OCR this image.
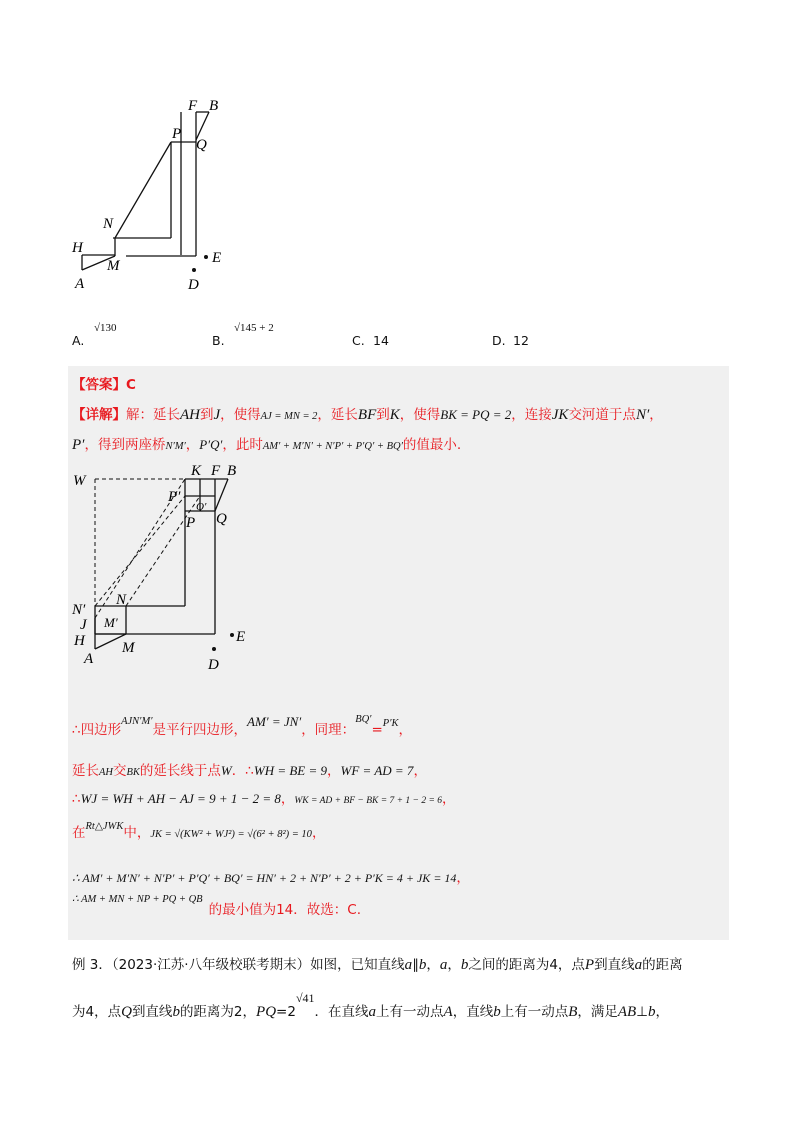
F B
P
Q
N
H
M
A
E
D
A.
√130
B.
√145 + 2
C. 14	D. 12
【答案】C
【详解】解：延长AH到J，使得AJ = MN = 2，延长BF到K，使得BK = PQ = 2，连接JK交河道于点N′，
P′，得到两座桥N′M′，P′Q′，此时AM′ + M′N′ + N′P′ + P′Q′ + BQ′的值最小.
W
K F B
P′
Q′
P Q
N′
N
J M′
H
A
M
E
D
∴四边形$^{AJN'M'}$是平行四边形，AM′ = JN′，同理：$^{BQ'}$=$^{P'K}$，
延长AH交BK的延长线于点W．∴WH = BE = 9，WF = AD = 7，
∴WJ = WH + AH − AJ = 9 + 1 − 2 = 8，WK = AD + BF − BK = 7 + 1 − 2 = 6，
在$^{Rt\triangle JWK}$中，JK = √(KW² + WJ²) = √(6² + 8²) = 10，
∴ AM′ + M′N′ + N′P′ + P′Q′ + BQ′ = HN′ + 2 + N′P′ + 2 + P′K = 4 + JK = 14，
$^{\therefore AM + MN + NP + PQ + QB}$的最小值为14．故选：C.
例 3．（2023·江苏·八年级校联考期末）如图，已知直线a∥b，a，b之间的距离为4，点P到直线a的距离
为4，点Q到直线b的距离为2，PQ=2√41．在直线a上有一动点A，直线b上有一动点B，满足AB⊥b，
